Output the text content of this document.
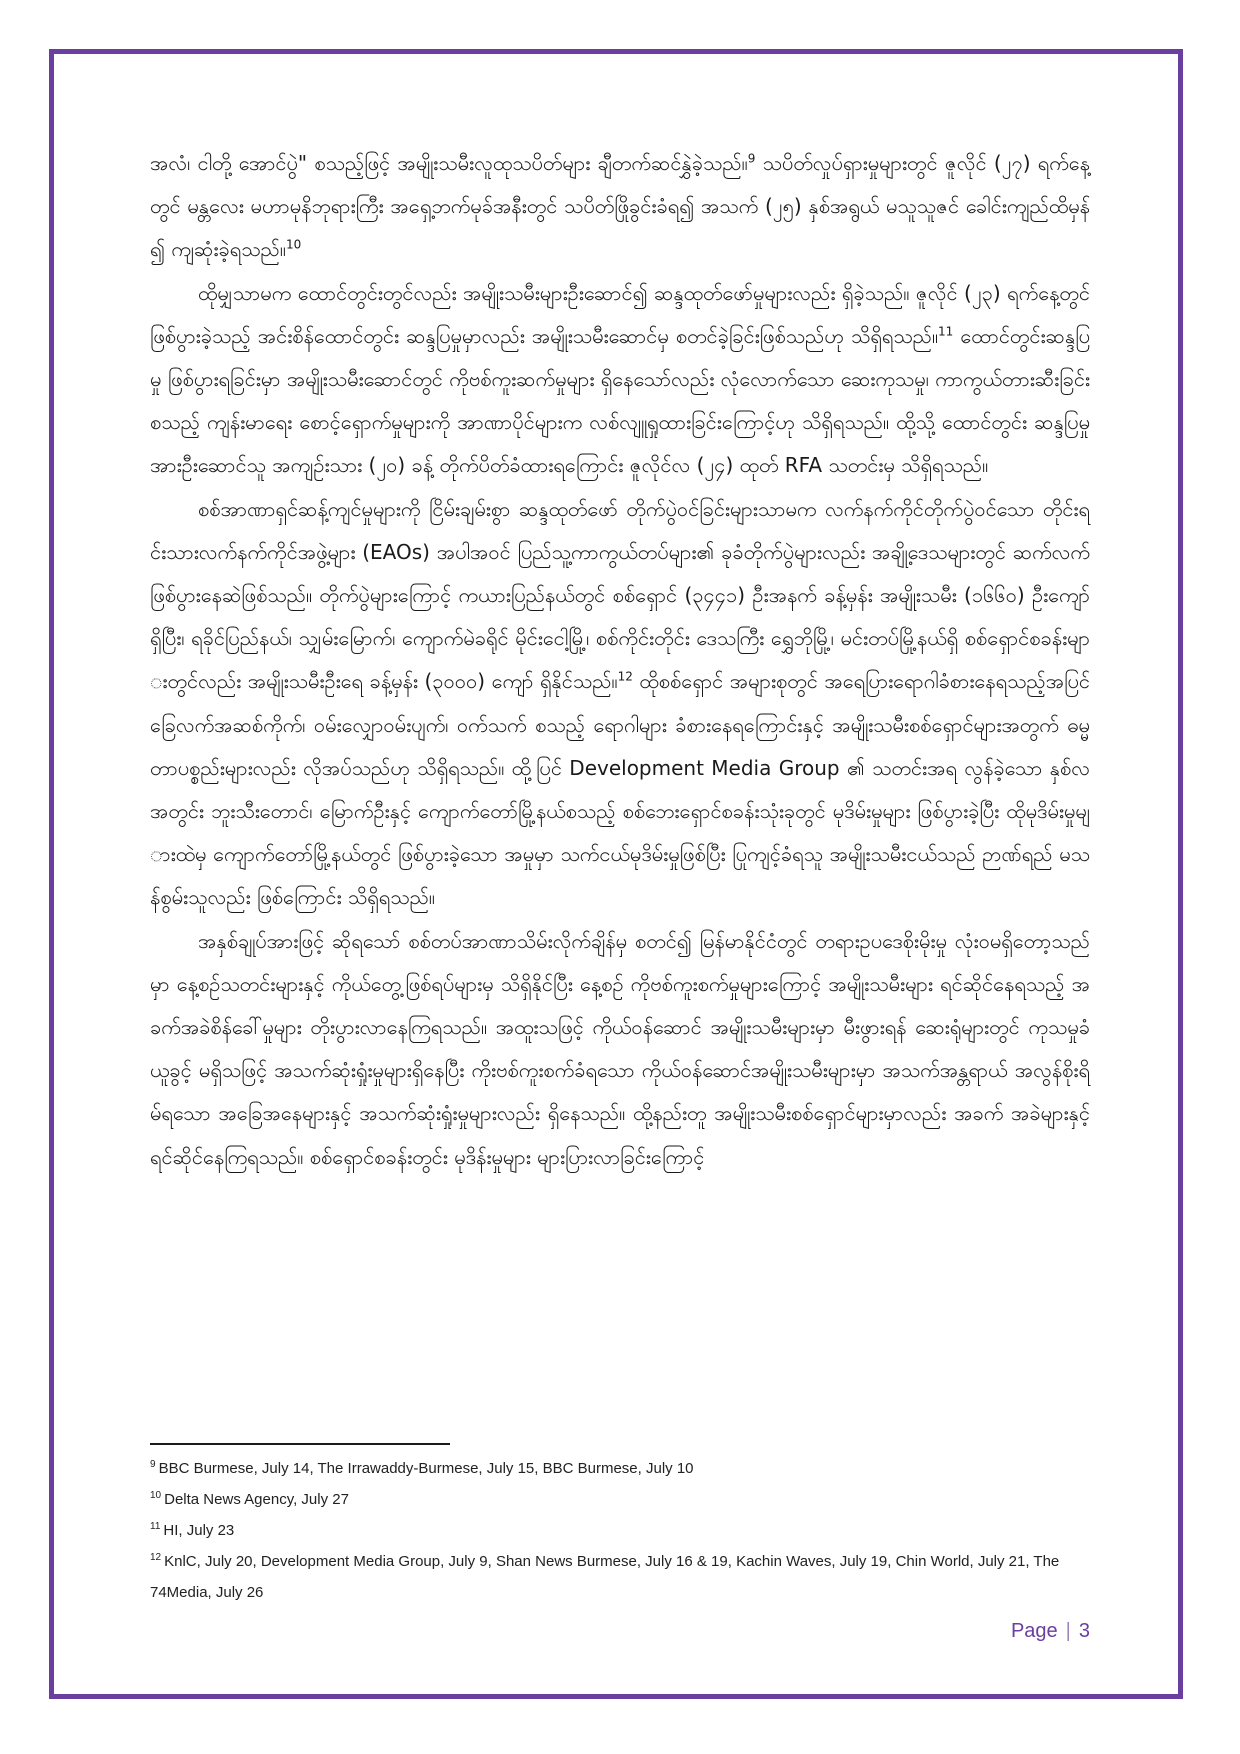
အလံ၊ ငါတို့ အောင်ပွဲ" စသည့်ဖြင့် အမျိုးသမီးလူထုသပိတ်များ ချီတက်ဆင်နွှဲခဲ့သည်။$^9$ သပိတ်လှုပ်ရှားမှုများတွင် ဇူလိုင် (၂၇) ရက်နေ့တွင် မန္တလေး မဟာမုနိဘုရားကြီး အရှေ့ဘက်မုခ်အနီးတွင် သပိတ်ဖြိုခွင်းခံရ၍ အသက် (၂၅) နှစ်အရွယ် မသူသူဇင် ခေါင်းကျည်ထိမှန်၍ ကျဆုံးခဲ့ရသည်။$^{10}$

ထိုမျှသာမက ထောင်တွင်းတွင်လည်း အမျိုးသမီးများဦးဆောင်၍ ဆန္ဒထုတ်ဖော်မှုများလည်း ရှိခဲ့သည်။ ဇူလိုင် (၂၃) ရက်နေ့တွင် ဖြစ်ပွားခဲ့သည့် အင်းစိန်ထောင်တွင်း ဆန္ဒပြမှုမှာလည်း အမျိုးသမီးဆောင်မှ စတင်ခဲ့ခြင်းဖြစ်သည်ဟု သိရှိရသည်။$^{11}$ ထောင်တွင်းဆန္ဒပြမှု ဖြစ်ပွားရခြင်းမှာ အမျိုးသမီးဆောင်တွင် ကိုဗစ်ကူးဆက်မှုများ ရှိနေသော်လည်း လုံလောက်သော ဆေးကုသမှု၊ ကာကွယ်တားဆီးခြင်း စသည့် ကျန်းမာရေး စောင့်ရှောက်မှုများကို အာဏာပိုင်များက လစ်လျူရှုထားခြင်းကြောင့်ဟု သိရှိရသည်။ ထို့သို့ ထောင်တွင်း ဆန္ဒပြမှုအားဦးဆောင်သူ အကျဉ်းသား (၂၀) ခန့် တိုက်ပိတ်ခံထားရကြောင်း ဇူလိုင်လ (၂၄) ထုတ် RFA သတင်းမှ သိရှိရသည်။

စစ်အာဏာရှင်ဆန့်ကျင်မှုများကို ငြိမ်းချမ်းစွာ ဆန္ဒထုတ်ဖော် တိုက်ပွဲဝင်ခြင်းများသာမက လက်နက်ကိုင်တိုက်ပွဲဝင်သော တိုင်းရင်းသားလက်နက်ကိုင်အဖွဲ့များ (EAOs) အပါအဝင် ပြည်သူ့ကာကွယ်တပ်များ၏ ခုခံတိုက်ပွဲများလည်း အချို့ဒေသများတွင် ဆက်လက်ဖြစ်ပွားနေဆဲဖြစ်သည်။ တိုက်ပွဲများကြောင့် ကယားပြည်နယ်တွင် စစ်ရှောင် (၃၄၄၁) ဦးအနက် ခန့်မှန်း အမျိုးသမီး (၁၆၆၀) ဦးကျော် ရှိပြီး၊ ရခိုင်ပြည်နယ်၊ သျှမ်းမြောက်၊ ကျောက်မဲခရိုင် မိုင်းငေါ့မြို့၊ စစ်ကိုင်းတိုင်း ဒေသကြီး ရွှေဘိုမြို့၊ မင်းတပ်မြို့နယ်ရှိ စစ်ရှောင်စခန်းများတွင်လည်း အမျိုးသမီးဦးရေ ခန့်မှန်း (၃၀၀၀) ကျော် ရှိနိုင်သည်။$^{12}$ ထိုစစ်ရှောင် အများစုတွင် အရေပြားရောဂါခံစားနေရသည့်အပြင် ခြေလက်အဆစ်ကိုက်၊ ဝမ်းလျှောဝမ်းပျက်၊ ဝက်သက် စသည့် ရောဂါများ ခံစားနေရကြောင်းနှင့် အမျိုးသမီးစစ်ရှောင်များအတွက် ဓမ္မတာပစ္စည်းများလည်း လိုအပ်သည်ဟု သိရှိရသည်။ ထို့ပြင် Development Media Group ၏ သတင်းအရ လွန်ခဲ့သော နှစ်လအတွင်း ဘူးသီးတောင်၊ မြောက်ဦးနှင့် ကျောက်တော်မြို့နယ်စသည့် စစ်ဘေးရှောင်စခန်းသုံးခုတွင် မုဒိမ်းမှုများ ဖြစ်ပွားခဲ့ပြီး ထိုမုဒိမ်းမှုများထဲမှ ကျောက်တော်မြို့နယ်တွင် ဖြစ်ပွားခဲ့သော အမှုမှာ သက်ငယ်မုဒိမ်းမှုဖြစ်ပြီး ပြုကျင့်ခံရသူ အမျိုးသမီးငယ်သည် ဉာဏ်ရည် မသန်စွမ်းသူလည်း ဖြစ်ကြောင်း သိရှိရသည်။

အနှစ်ချုပ်အားဖြင့် ဆိုရသော် စစ်တပ်အာဏာသိမ်းလိုက်ချိန်မှ စတင်၍ မြန်မာနိုင်ငံတွင် တရားဥပဒေစိုးမိုးမှု လုံးဝမရှိတော့သည်မှာ နေ့စဉ်သတင်းများနှင့် ကိုယ်တွေ့ဖြစ်ရပ်များမှ သိရှိနိုင်ပြီး နေ့စဉ် ကိုဗစ်ကူးစက်မှုများကြောင့် အမျိုးသမီးများ ရင်ဆိုင်နေရသည့် အခက်အခဲစိန်ခေါ်မှုများ တိုးပွားလာနေကြရသည်။ အထူးသဖြင့် ကိုယ်ဝန်ဆောင် အမျိုးသမီးများမှာ မီးဖွားရန် ဆေးရုံများတွင် ကုသမှုခံယူခွင့် မရှိသဖြင့် အသက်ဆုံးရှုံးမှုများရှိနေပြီး ကိုးဗစ်ကူးစက်ခံရသော ကိုယ်ဝန်ဆောင်အမျိုးသမီးများမှာ အသက်အန္တရာယ် အလွန်စိုးရိမ်ရသော အခြေအနေများနှင့် အသက်ဆုံးရှုံးမှုများလည်း ရှိနေသည်။ ထို့နည်းတူ အမျိုးသမီးစစ်ရှောင်များမှာလည်း အခက် အခဲများနှင့် ရင်ဆိုင်နေကြရသည်။ စစ်ရှောင်စခန်းတွင်း မုဒိန်းမှုများ များပြားလာခြင်းကြောင့်

$^9$ BBC Burmese, July 14, The Irrawaddy-Burmese, July 15, BBC Burmese, July 10

$^{10}$ Delta News Agency, July 27

$^{11}$ HI, July 23

$^{12}$ KnlC, July 20, Development Media Group, July 9, Shan News Burmese, July 16 & 19, Kachin Waves, July 19, Chin World, July 21, The 74Media, July 26

Page | 3
